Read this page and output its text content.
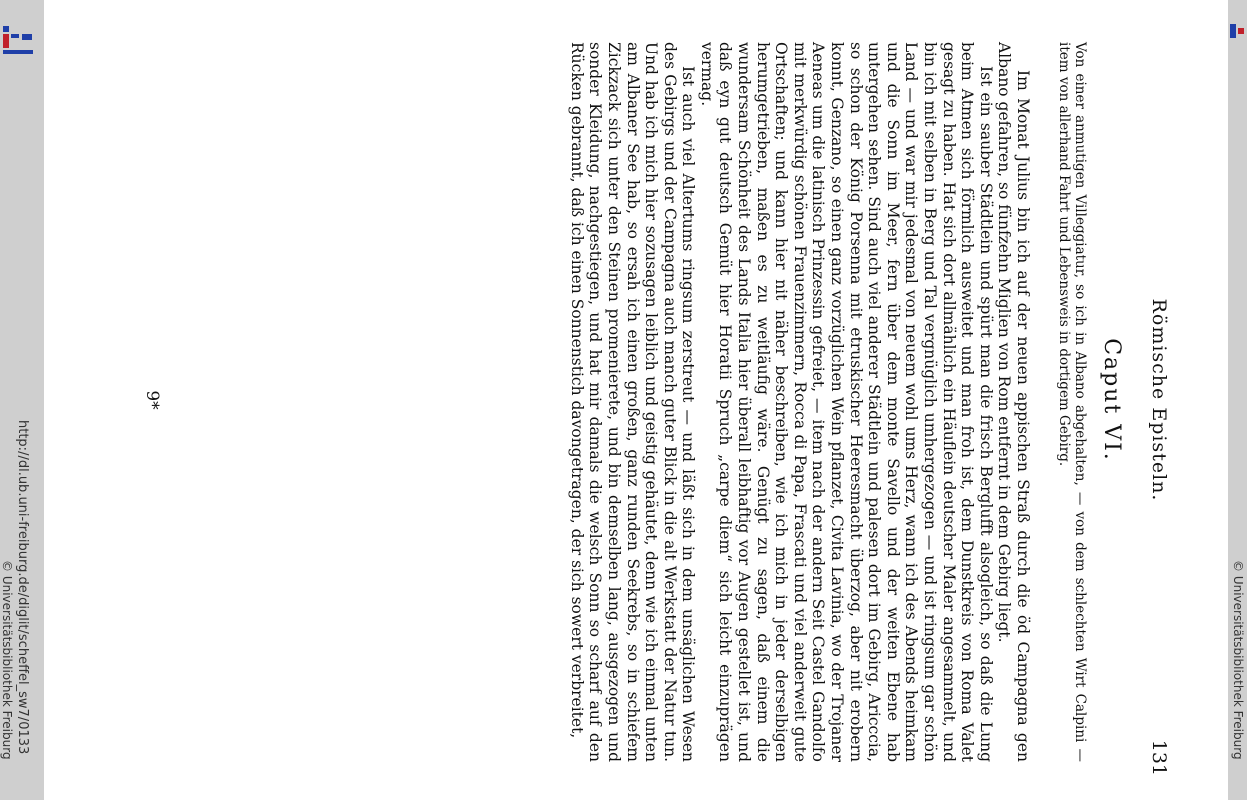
http://dl.ub.uni-freiburg.de/diglit/scheffel_sw7/0133
© Universitätsbibliothek Freiburg
Römische Episteln.
131
Caput VI.
Von einer anmutigen Villeggiatur, so ich in Albano abgehalten, — von dem schlechten Wirt Calpini — item von allerhand Fahrt und Lebensweis in dortigem Gebirg.

Im Monat Julius bin ich auf der neuen appischen Straß durch die öd Campagna gen Albano gefahren, so fünfzehn Miglien von Rom entfernt in dem Gebirg liegt.

Ist ein sauber Städtlein und spürt man die frisch Berglufft alsogleich, so daß die Lung beim Atmen sich förmlich ausweitet und man froh ist, dem Dunstkreis von Roma Valet gesagt zu haben. Hat sich dort allmählich ein Häuflein deutscher Maler angesammelt, und bin ich mit selben in Berg und Tal vergnüglich umhergezogen — und ist ringsum gar schön Land — und war mir jedesmal von neuem wohl ums Herz, wann ich des Abends heimkam und die Sonn im Meer, fern über dem monte Savello und der weiten Ebene hab untergehen sehen. Sind auch viel anderer Städtlein und palesen dort im Gebirg, Aricccia, so schon der König Porsenna mit etruskischer Heeresmacht überzog, aber nit erobern konnt, Genzano, so einen ganz vorzüglichen Wein pflanzet, Civita Lavinia, wo der Trojaner Aeneas um die latinisch Prinzessin gefreiet, — item nach der andern Seit Castel Gandolfo mit merkwürdig schönen Frauenzimmern, Rocca di Papa, Frascati und viel anderweit gute Ortschaften; und kann hier nit näher beschreiben, wie ich mich in jeder derselbigen herumgetrieben, maßen es zu weitläufig wäre. Genügt zu sagen, daß einem die wundersam Schönheit des Lands Italia hier überall leibhaftig vor Augen gestellet ist, und daß eyn gut deutsch Gemüt hier Horatii Spruch „carpe diem“ sich leicht einzuprägen vermag.

Ist auch viel Altertums ringsum zerstreut — und läßt sich in dem unsäglichen Wesen des Gebirgs und der Campagna auch manch guter Blick in die alt Werkstatt der Natur tun. Und hab ich mich hier sozusagen leiblich und geistig gehäutet, denn wie ich einmal unten am Albaner See hab, so ersah ich einen großen, ganz runden Seekrebs, so in schiefem Zickzack sich unter den Steinen promenierete, und bin demselben lang, ausgezogen und sonder Kleidung, nachgestiegen, und hat mir damals die welsch Sonn so scharf auf den Rücken gebrannt, daß ich einen Sonnenstich davongetragen, der sich sowert verbreitet,

9*
© Universitätsbibliothek Freiburg
